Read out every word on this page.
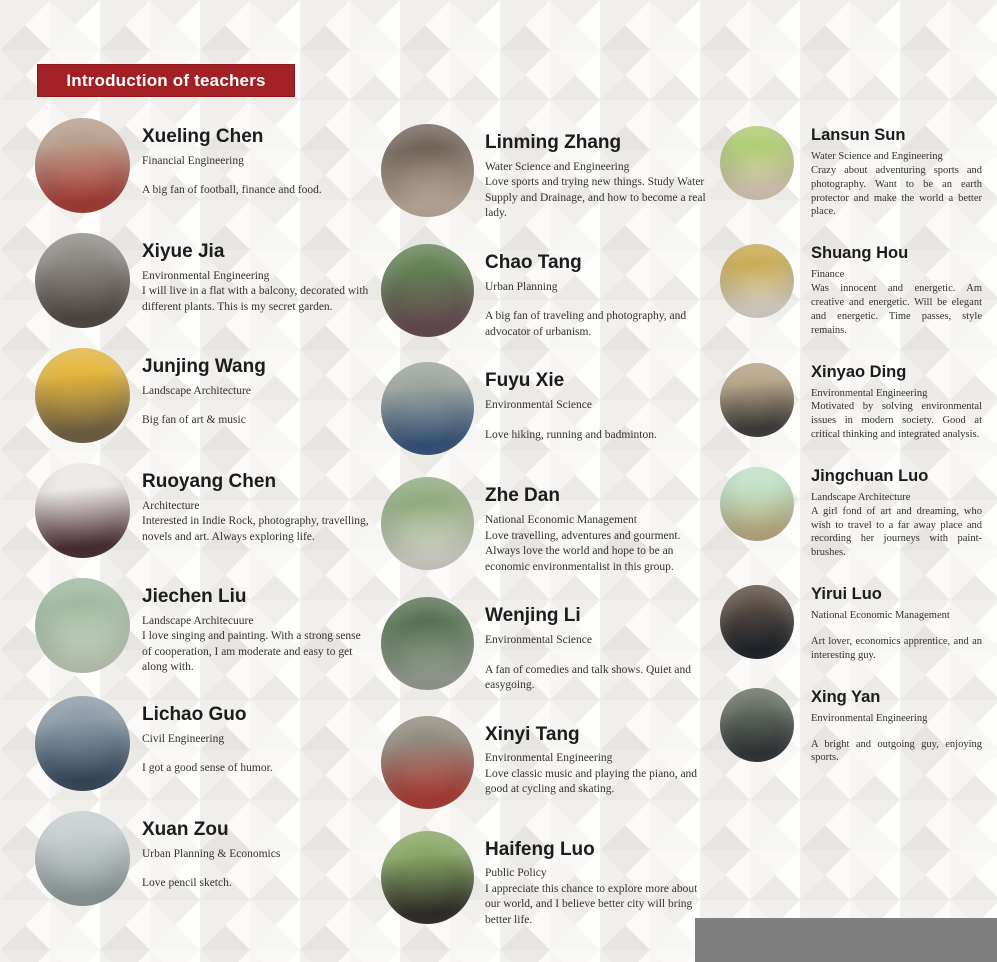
Introduction of teachers
Xueling Chen
Financial Engineering
A big fan of football, finance and food.
Xiyue Jia
Environmental Engineering
I will live in a flat with a balcony, decorated with different plants. This is my secret garden.
Junjing Wang
Landscape Architecture
Big fan of art & music
Ruoyang Chen
Architecture
Interested in Indie Rock, photography, travelling, novels and art. Always exploring life.
Jiechen Liu
Landscape Architecuure
I love singing and painting. With a strong sense of cooperation, I am moderate and easy to get along with.
Lichao Guo
Civil Engineering
I got a good sense of humor.
Xuan Zou
Urban Planning & Economics
Love pencil sketch.
Linming Zhang
Water Science and Engineering
Love sports and trying new things. Study Water Supply and Drainage, and how to become a real lady.
Chao Tang
Urban Planning
A big fan of traveling and photography, and advocator of urbanism.
Fuyu Xie
Environmental Science
Love hiking, running and badminton.
Zhe Dan
National Economic Management
Love travelling, adventures and gourment. Always love the world and hope to be an economic environmentalist in this group.
Wenjing Li
Environmental Science
A fan of comedies and talk shows. Quiet and easygoing.
Xinyi Tang
Environmental Engineering
Love classic music and playing the piano, and good at cycling and skating.
Haifeng Luo
Public Policy
I appreciate this chance to explore more about our world, and I believe better city will bring better life.
Lansun Sun
Water Science and Engineering
Crazy about adventuring sports and photography. Want to be an earth protector and make the world a better place.
Shuang Hou
Finance
Was innocent and energetic. Am creative and energetic. Will be elegant and energetic. Time passes, style remains.
Xinyao Ding
Environmental Engineering
Motivated by solving environmental issues in modern society. Good at critical thinking and integrated analysis.
Jingchuan Luo
Landscape Architecture
A girl fond of art and dreaming, who wish to travel to a far away place and recording her journeys with paint-brushes.
Yirui Luo
National Economic Management
Art lover, economics apprentice, and an interesting guy.
Xing Yan
Environmental Engineering
A bright and outgoing guy, enjoying sports.
